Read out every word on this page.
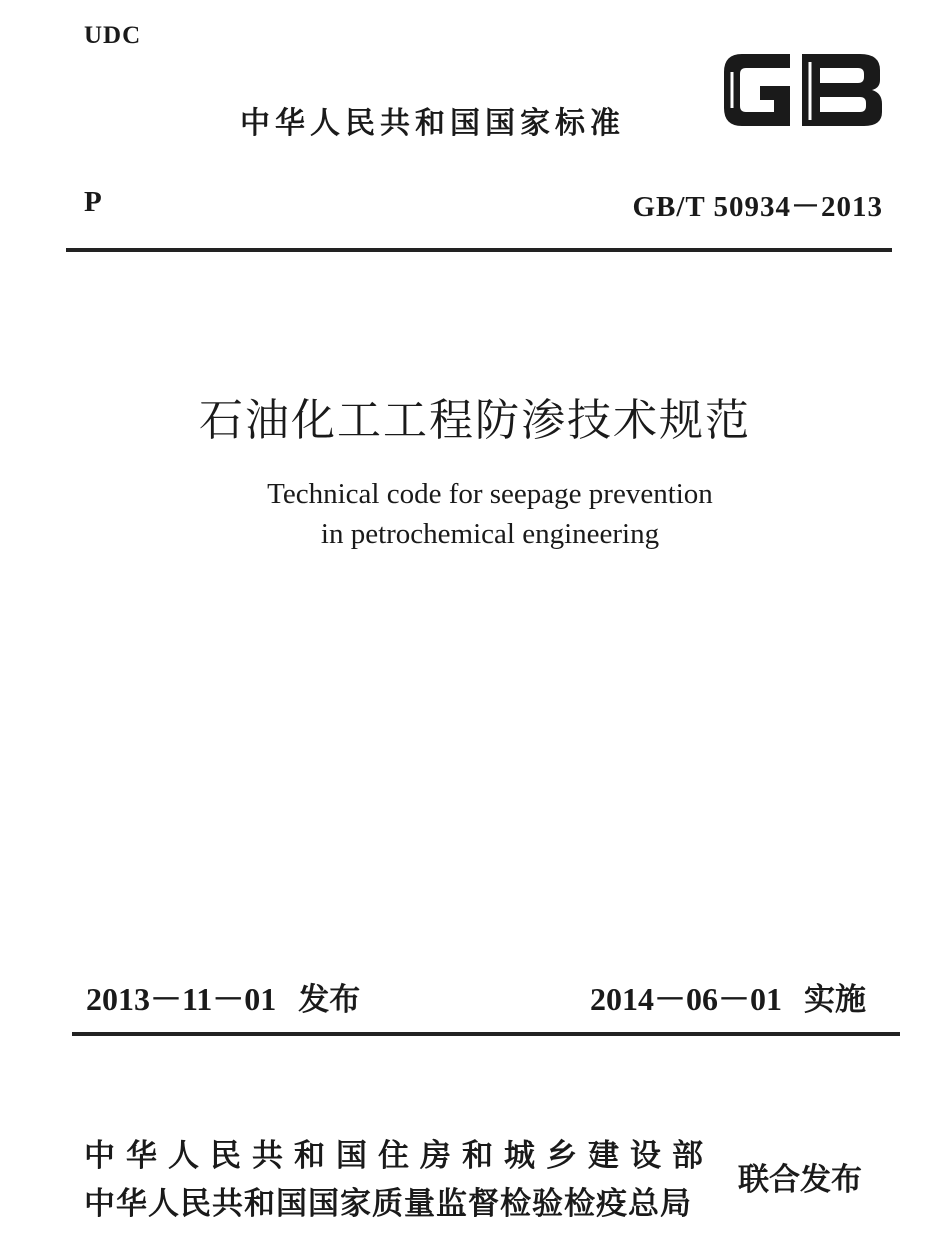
UDC
中华人民共和国国家标准
P	GB/T 50934－2013
石油化工工程防渗技术规范
Technical code for seepage prevention
in petrochemical engineering
2013－11－01 发布	2014－06－01 实施
中华人民共和国住房和城乡建设部
中华人民共和国国家质量监督检验检疫总局
联合发布
